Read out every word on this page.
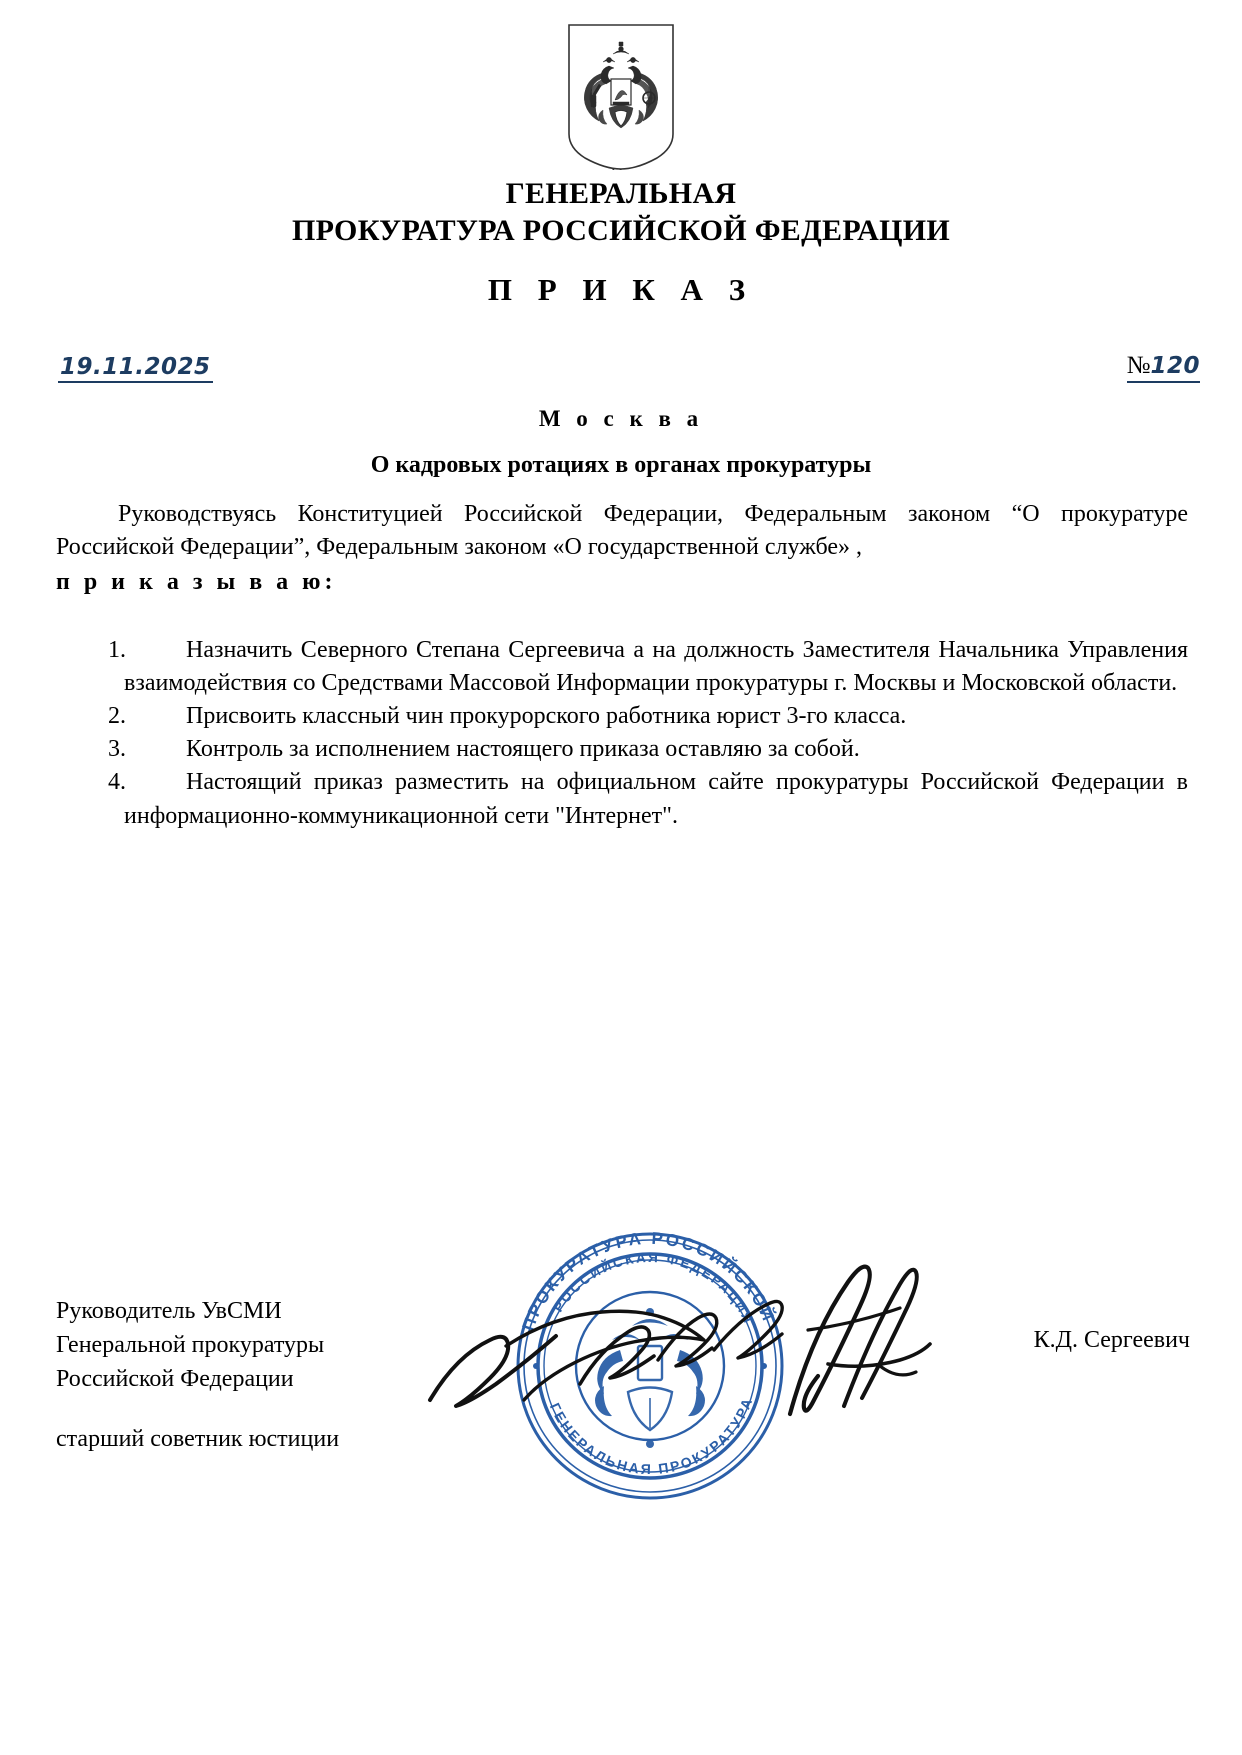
ГЕНЕРАЛЬНАЯ
ПРОКУРАТУРА РОССИЙСКОЙ ФЕДЕРАЦИИ
П Р И К А З
19.11.2025	№120
М о с к в а
О кадровых ротациях в органах прокуратуры
Руководствуясь Конституцией Российской Федерации, Федеральным законом “О прокуратуре Российской Федерации”, Федеральным законом «О государственной службе» ,
п р и к а з ы в а ю:
1.	Назначить Северного Степана Сергеевича а на должность Заместителя Начальника Управления взаимодействия со Средствами Массовой Информации прокуратуры г. Москвы и Московской области.
2.	Присвоить классный чин прокурорского работника юрист 3-го класса.
3.	Контроль за исполнением настоящего приказа оставляю за собой.
4.	Настоящий приказ разместить на официальном сайте прокуратуры Российской Федерации в информационно-коммуникационной сети "Интернет".
РОССИЙСКАЯ ФЕДЕРАЦИЯ
ПРОКУРАТУРА РОССИЙСКОЙ
ГЕНЕРАЛЬНАЯ ПРОКУРАТУРА
Руководитель УвСМИ
Генеральной прокуратуры
Российской Федерации
старший советник юстиции
К.Д. Сергеевич
